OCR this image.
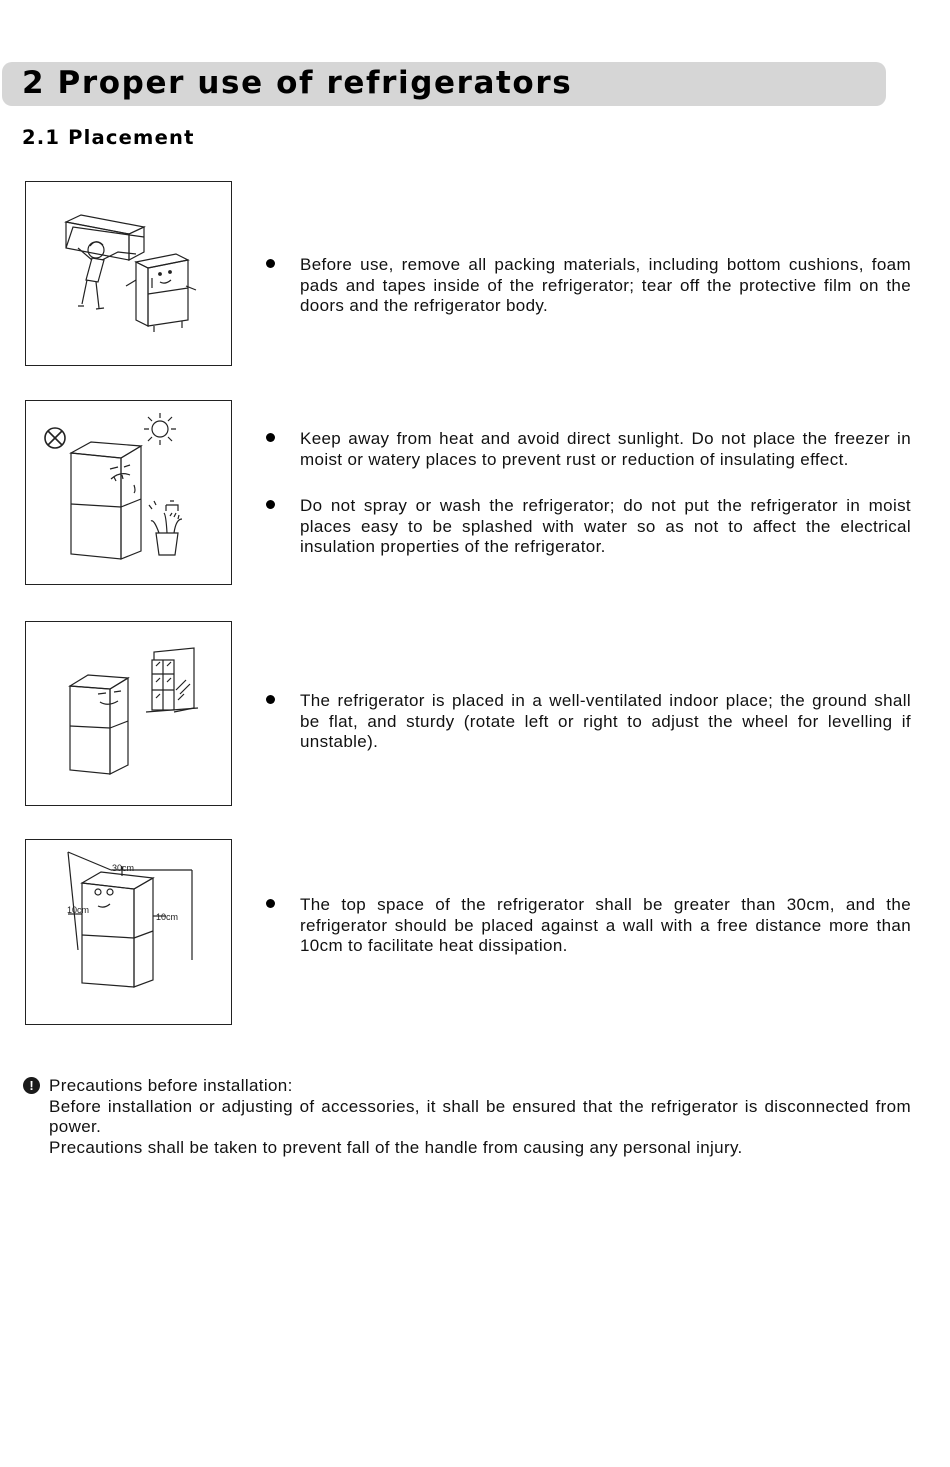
2 Proper use of refrigerators
2.1 Placement
Before use, remove all packing materials, including bottom cushions, foam pads and tapes inside of the refrigerator; tear off the protective film on the doors and the refrigerator body.
Keep away from heat and avoid direct sunlight. Do not place the freezer in moist or watery places to prevent rust or reduction of insulating effect.
Do not spray or wash the refrigerator; do not put the refrigerator in moist places easy to be splashed with water so as not to affect the electrical insulation properties of the refrigerator.
The refrigerator is placed in a well-ventilated indoor place; the ground shall be flat, and sturdy (rotate left or right to adjust the wheel for levelling if unstable).
30cm
10cm
10cm
The top space of the refrigerator shall be greater than 30cm, and the refrigerator should be placed against a wall with a free distance more than 10cm to facilitate heat dissipation.
! Precautions before installation:
Before installation or adjusting of accessories, it shall be ensured that the refrigerator is disconnected from power.
Precautions shall be taken to prevent fall of the handle from causing any personal injury.
